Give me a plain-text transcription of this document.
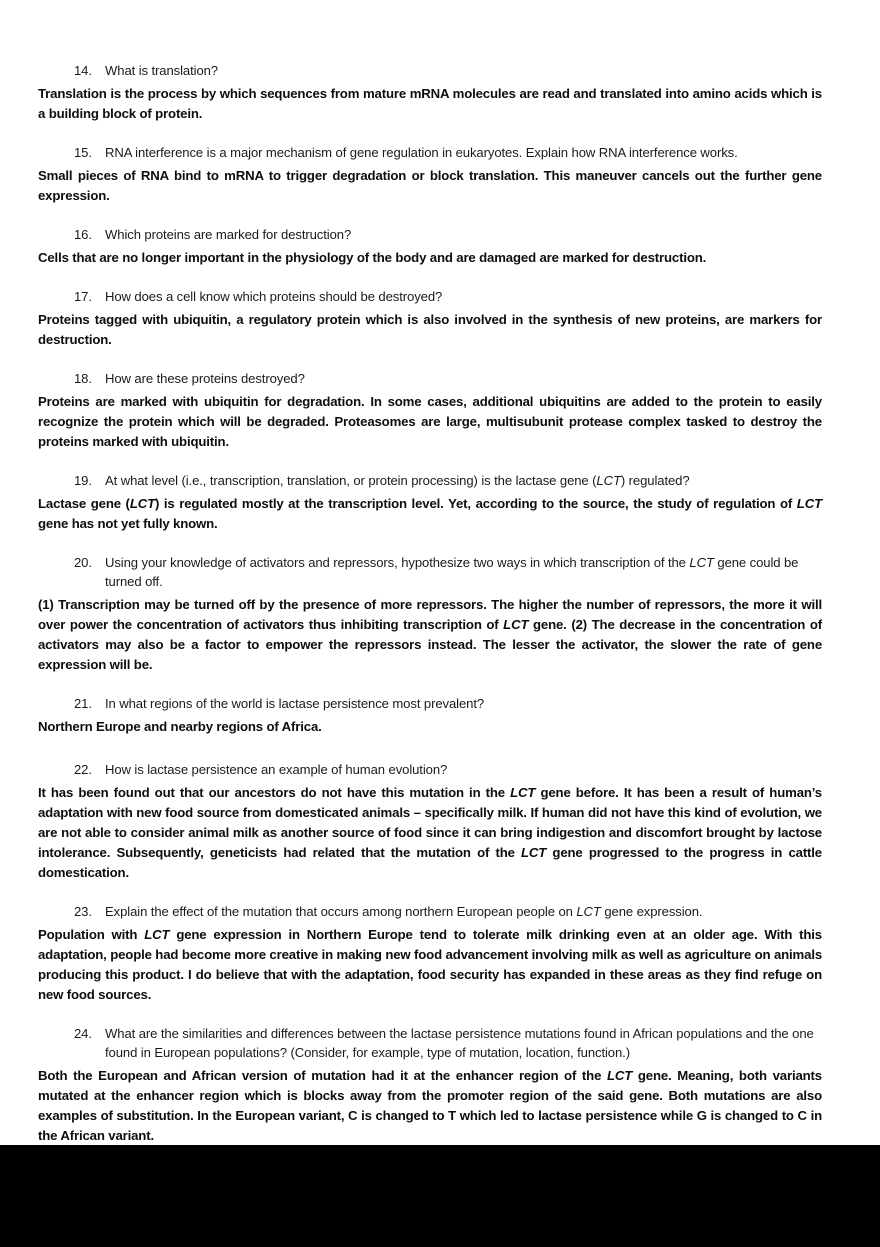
14. What is translation?
Translation is the process by which sequences from mature mRNA molecules are read and translated into amino acids which is a building block of protein.
15. RNA interference is a major mechanism of gene regulation in eukaryotes. Explain how RNA interference works.
Small pieces of RNA bind to mRNA to trigger degradation or block translation. This maneuver cancels out the further gene expression.
16. Which proteins are marked for destruction?
Cells that are no longer important in the physiology of the body and are damaged are marked for destruction.
17. How does a cell know which proteins should be destroyed?
Proteins tagged with ubiquitin, a regulatory protein which is also involved in the synthesis of new proteins, are markers for destruction.
18. How are these proteins destroyed?
Proteins are marked with ubiquitin for degradation. In some cases, additional ubiquitins are added to the protein to easily recognize the protein which will be degraded. Proteasomes are large, multisubunit protease complex tasked to destroy the proteins marked with ubiquitin.
19. At what level (i.e., transcription, translation, or protein processing) is the lactase gene (LCT) regulated?
Lactase gene (LCT) is regulated mostly at the transcription level. Yet, according to the source, the study of regulation of LCT gene has not yet fully known.
20. Using your knowledge of activators and repressors, hypothesize two ways in which transcription of the LCT gene could be turned off.
(1) Transcription may be turned off by the presence of more repressors. The higher the number of repressors, the more it will over power the concentration of activators thus inhibiting transcription of LCT gene. (2) The decrease in the concentration of activators may also be a factor to empower the repressors instead. The lesser the activator, the slower the rate of gene expression will be.
21. In what regions of the world is lactase persistence most prevalent?
Northern Europe and nearby regions of Africa.
22. How is lactase persistence an example of human evolution?
It has been found out that our ancestors do not have this mutation in the LCT gene before. It has been a result of human’s adaptation with new food source from domesticated animals – specifically milk. If human did not have this kind of evolution, we are not able to consider animal milk as another source of food since it can bring indigestion and discomfort brought by lactose intolerance. Subsequently, geneticists had related that the mutation of the LCT gene progressed to the progress in cattle domestication.
23. Explain the effect of the mutation that occurs among northern European people on LCT gene expression.
Population with LCT gene expression in Northern Europe tend to tolerate milk drinking even at an older age. With this adaptation, people had become more creative in making new food advancement involving milk as well as agriculture on animals producing this product. I do believe that with the adaptation, food security has expanded in these areas as they find refuge on new food sources.
24. What are the similarities and differences between the lactase persistence mutations found in African populations and the one found in European populations? (Consider, for example, type of mutation, location, function.)
Both the European and African version of mutation had it at the enhancer region of the LCT gene. Meaning, both variants mutated at the enhancer region which is blocks away from the promoter region of the said gene. Both mutations are also examples of substitution. In the European variant, C is changed to T which led to lactase persistence while G is changed to C in the African variant.
